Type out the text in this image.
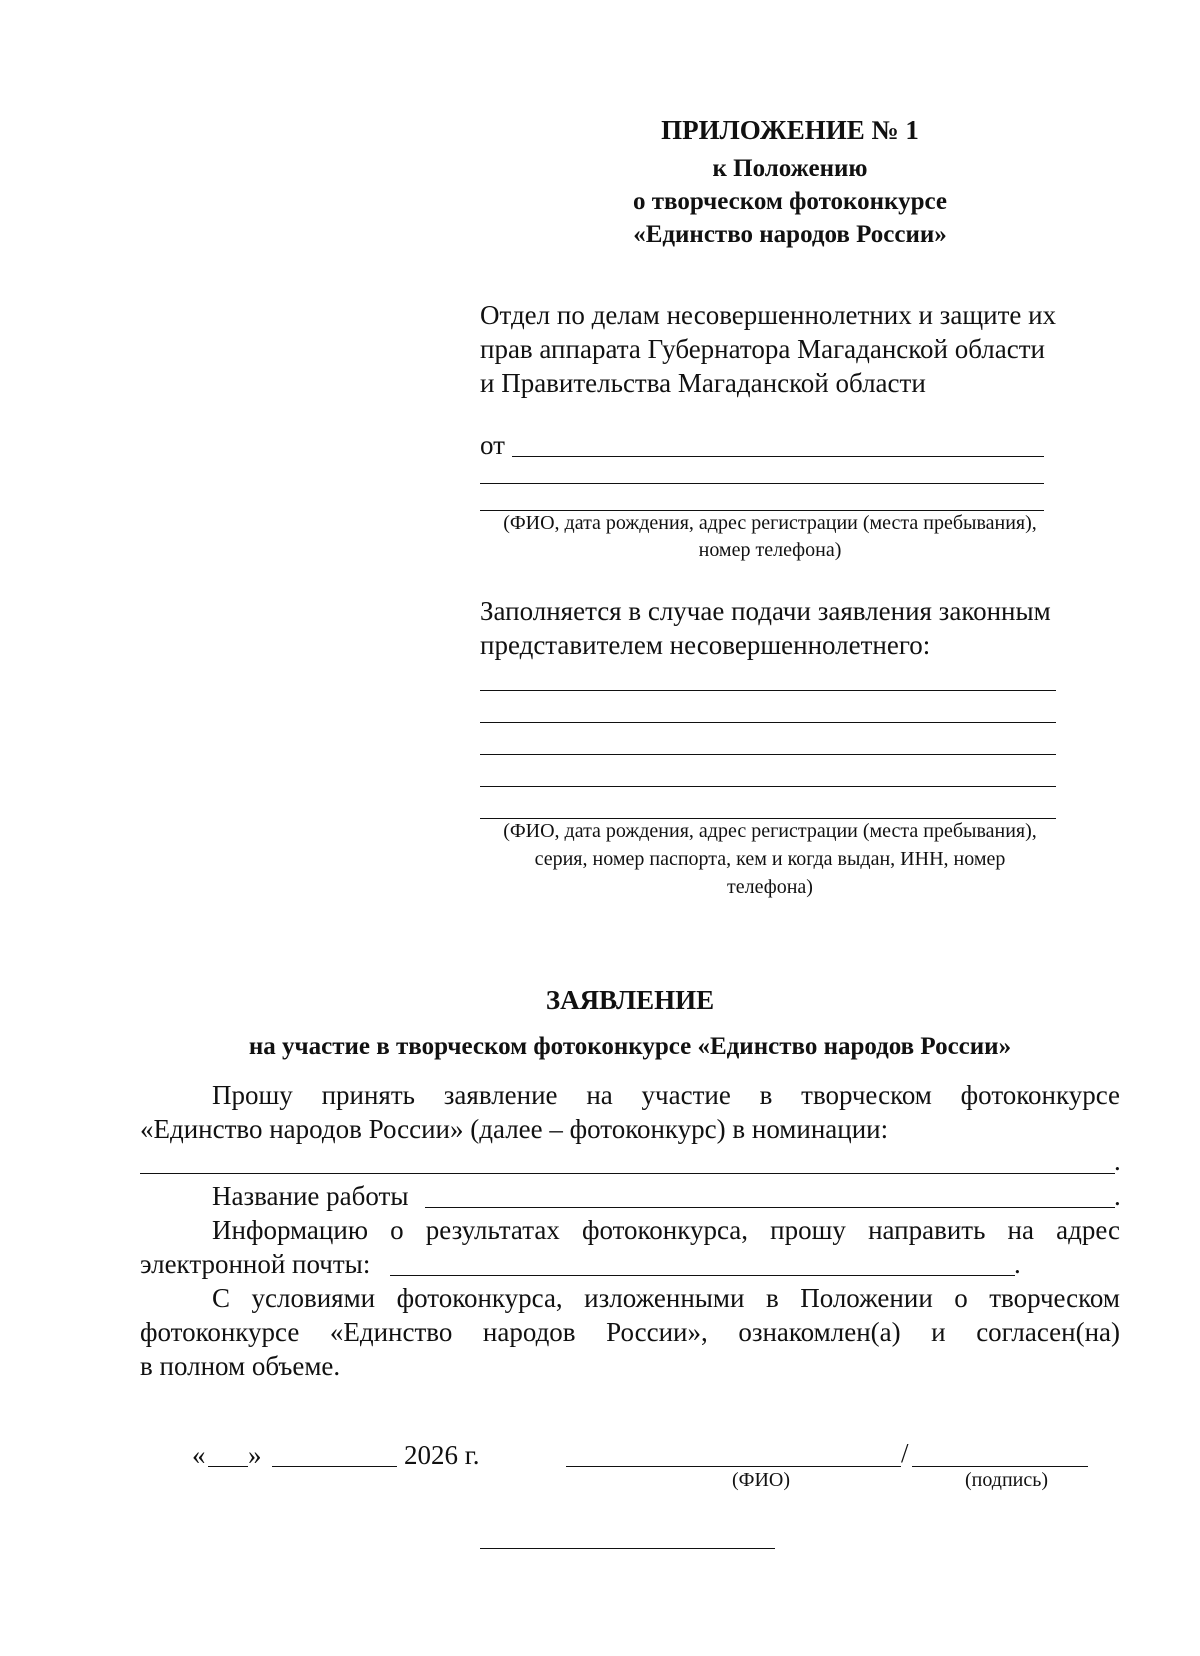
ПРИЛОЖЕНИЕ № 1
к Положению
о творческом фотоконкурсе
«Единство народов России»
Отдел по делам несовершеннолетних и защите их
прав аппарата Губернатора Магаданской области
и Правительства Магаданской области
от
(ФИО, дата рождения, адрес регистрации (места пребывания),
номер телефона)
Заполняется в случае подачи заявления законным
представителем несовершеннолетнего:
(ФИО, дата рождения, адрес регистрации (места пребывания),
серия, номер паспорта, кем и когда выдан, ИНН, номер
телефона)
ЗАЯВЛЕНИЕ
на участие в творческом фотоконкурсе «Единство народов России»
Прошу принять заявление на участие в творческом фотоконкурсе
«Единство народов России» (далее – фотоконкурс) в номинации:
.
Название работы	.
Информацию о результатах фотоконкурса, прошу направить на адрес
электронной почты:	.
С условиями фотоконкурса, изложенными в Положении о творческом
фотоконкурсе «Единство народов России», ознакомлен(а) и согласен(на)
в полном объеме.
« »	2026 г.	/
(ФИО)	(подпись)
